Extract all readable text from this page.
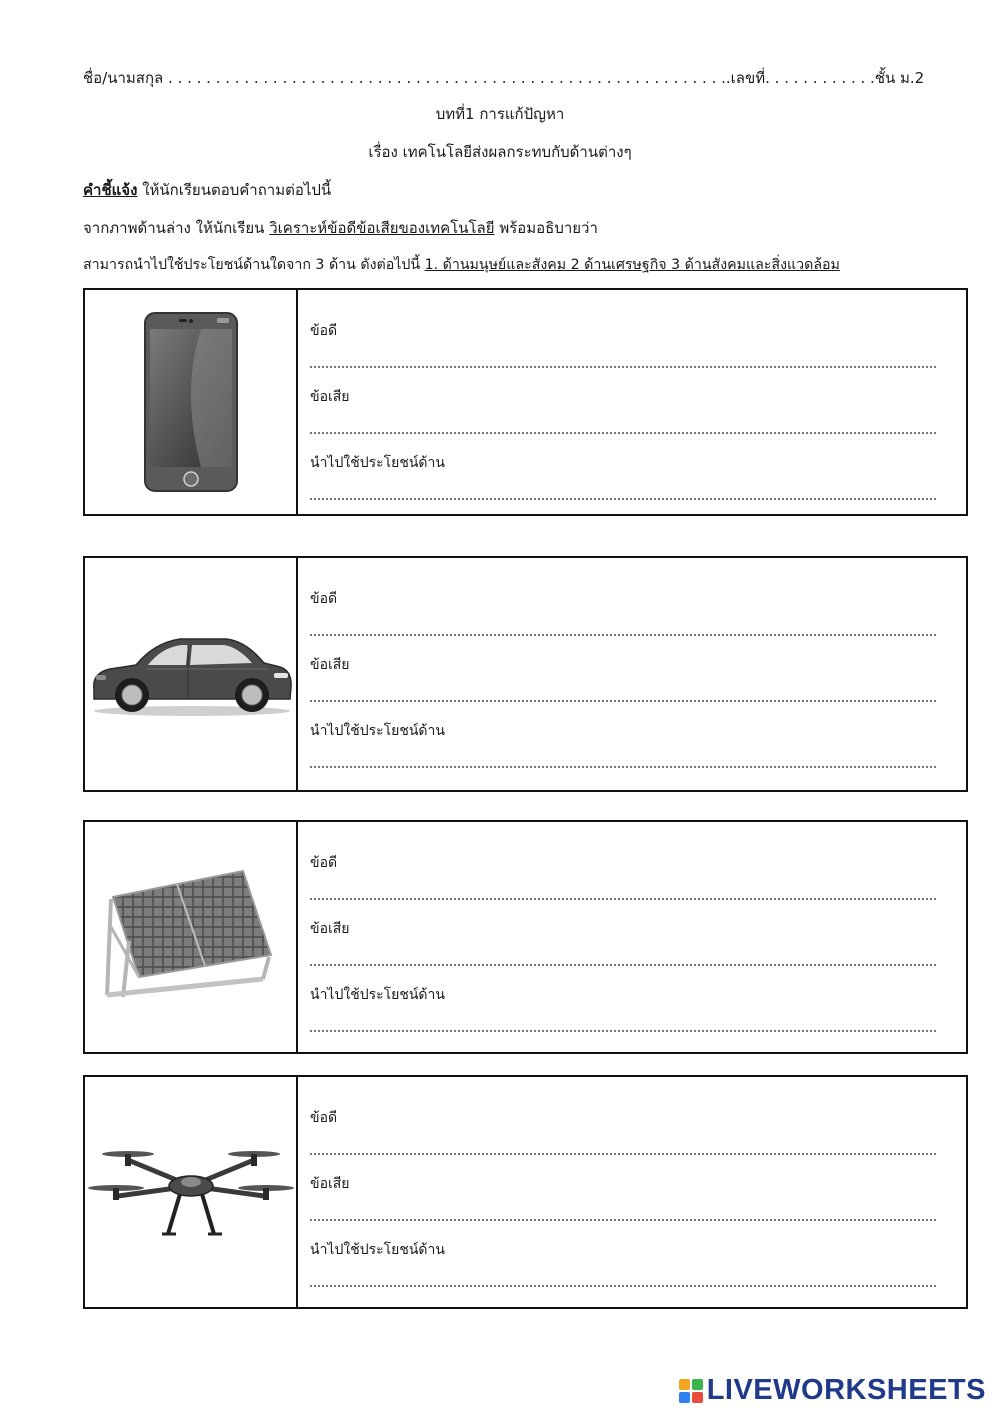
ชื่อ/นามสกุล . . . . . . . . . . . . . . . . . . . . . . . . . . . . . . . . . . . . . . . . . . . . . . . . . . . . . . . . . . ..เลขที่. . . . . . . . . . . .ชั้น ม.2
บทที่1 การแก้ปัญหา
เรื่อง เทคโนโลยีส่งผลกระทบกับด้านต่างๆ
คำชี้แจ้ง ให้นักเรียนตอบคำถามต่อไปนี้
จากภาพด้านล่าง ให้นักเรียน วิเคราะห์ข้อดีข้อเสียของเทคโนโลยี พร้อมอธิบายว่า
สามารถนำไปใช้ประโยชน์ด้านใดจาก 3 ด้าน ดังต่อไปนี้ 1. ด้านมนุษย์และสังคม 2 ด้านเศรษฐกิจ 3 ด้านสังคมและสิ่งแวดล้อม
ข้อดี
ข้อเสีย
นำไปใช้ประโยชน์ด้าน
ข้อดี
ข้อเสีย
นำไปใช้ประโยชน์ด้าน
ข้อดี
ข้อเสีย
นำไปใช้ประโยชน์ด้าน
ข้อดี
ข้อเสีย
นำไปใช้ประโยชน์ด้าน
LIVEWORKSHEETS
